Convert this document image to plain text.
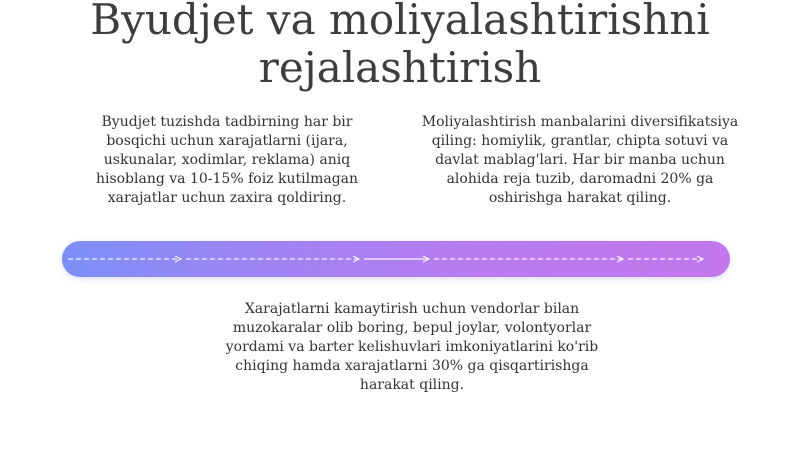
Byudjet va moliyalashtirishni rejalashtirish

Byudjet tuzishda tadbirning har bir bosqichi uchun xarajatlarni (ijara, uskunalar, xodimlar, reklama) aniq hisoblang va 10-15% foiz kutilmagan xarajatlar uchun zaxira qoldiring.

Moliyalashtirish manbalarini diversifikatsiya qiling: homiylik, grantlar, chipta sotuvi va davlat mablag'lari. Har bir manba uchun alohida reja tuzib, daromadni 20% ga oshirishga harakat qiling.

Xarajatlarni kamaytirish uchun vendorlar bilan muzokaralar olib boring, bepul joylar, volontyorlar yordami va barter kelishuvlari imkoniyatlarini ko'rib chiqing hamda xarajatlarni 30% ga qisqartirishga harakat qiling.
